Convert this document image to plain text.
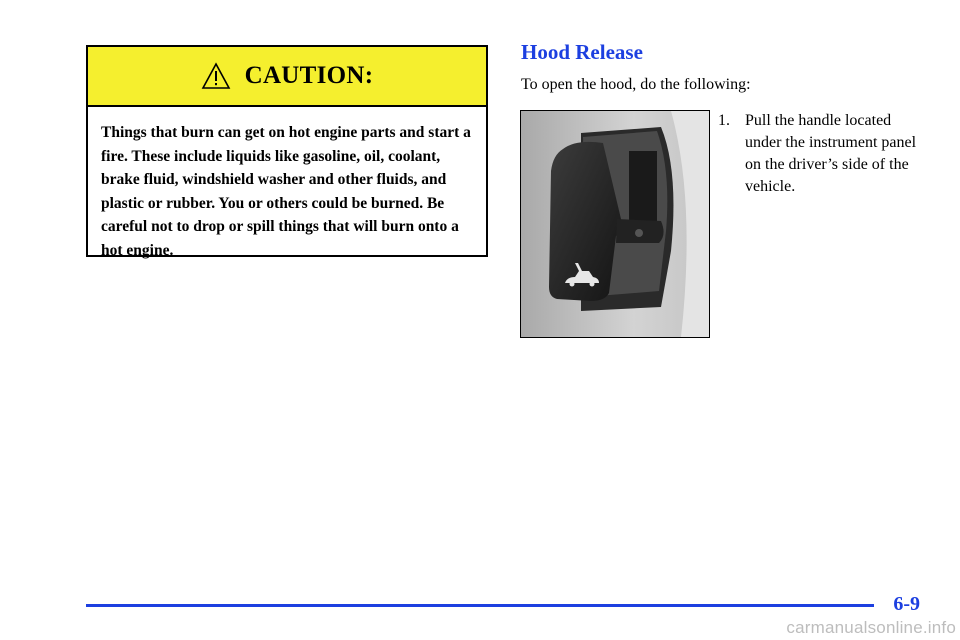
CAUTION:
Things that burn can get on hot engine parts and start a fire. These include liquids like gasoline, oil, coolant, brake fluid, windshield washer and other fluids, and plastic or rubber. You or others could be burned. Be careful not to drop or spill things that will burn onto a hot engine.
Hood Release
To open the hood, do the following:
1. Pull the handle located under the instrument panel on the driver’s side of the vehicle.
6-9
carmanualsonline.info
